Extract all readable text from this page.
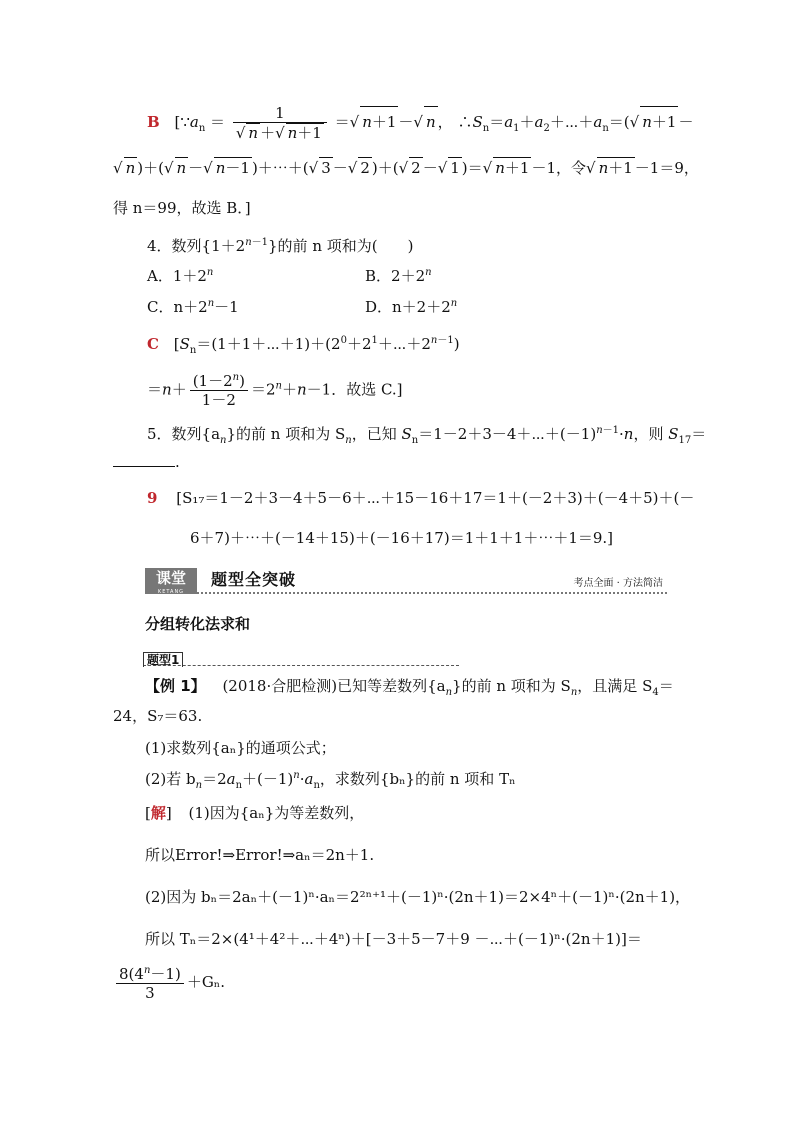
B [$\because a_n = \frac{1}{√ n +√ n+1}$ ＝√ n＋1 －√ n ， $\therefore S_n=a_1+a_2+\cdots+a_n=(√$ n＋1 －
√ n )＋(√ n －√ n－1 )＋⋯＋(√ 3 －√ 2 )＋(√ 2 －√ 1 )＝√ n＋1 －1，令√ n＋1 －1＝9，
得 n＝99，故选 B．]
4．数列$\{1+2^{n-1}\}$的前 n 项和为(　　)
A．$1+2^n$	B．$2+2^n$
C．$n+2^n-1$	D．$n+2+2^n$
C [$S_n=(1+1+\cdots+1)+(2^0+2^1+\cdots+2^{n-1})$
$=n+ \frac{(1-2^n)}{1-2} =2^n+n-1$．故选 C.]
5．数列$\{a_n\}$的前 n 项和为 $S_n$，已知 $S_n=1-2+3-4+\cdots+(-1)^{n-1}\cdot n$，则 $S_{17}=$
.
9 [S₁₇＝1－2＋3－4＋5－6＋⋯＋15－16＋17＝1＋(－2＋3)＋(－4＋5)＋(－
6＋7)＋⋯＋(－14＋15)＋(－16＋17)＝1＋1＋1＋⋯＋1＝9.]
课堂
KETANG
题型全突破	考点全面 · 方法简洁
分组转化法求和
题型1
【例 1】 (2018·合肥检测)已知等差数列$\{a_n\}$的前 n 项和为 $S_n$，且满足 $S_4=$
24，S₇＝63.
(1)求数列{aₙ}的通项公式；
(2)若 $b_n=2a_n+(-1)^n\cdot a_n$，求数列{bₙ}的前 n 项和 Tₙ
[解] (1)因为{aₙ}为等差数列，
所以Error!⇒Error!⇒aₙ＝2n＋1.
(2)因为 bₙ＝2aₙ＋(－1)ⁿ·aₙ＝2²ⁿ⁺¹＋(－1)ⁿ·(2n＋1)＝2×4ⁿ＋(－1)ⁿ·(2n＋1)，
所以 Tₙ＝2×(4¹＋4²＋⋯＋4ⁿ)＋[－3＋5－7＋9 －⋯＋(－1)ⁿ·(2n＋1)]＝
$\frac{8(4^n-1)}{3} +G_n$.
